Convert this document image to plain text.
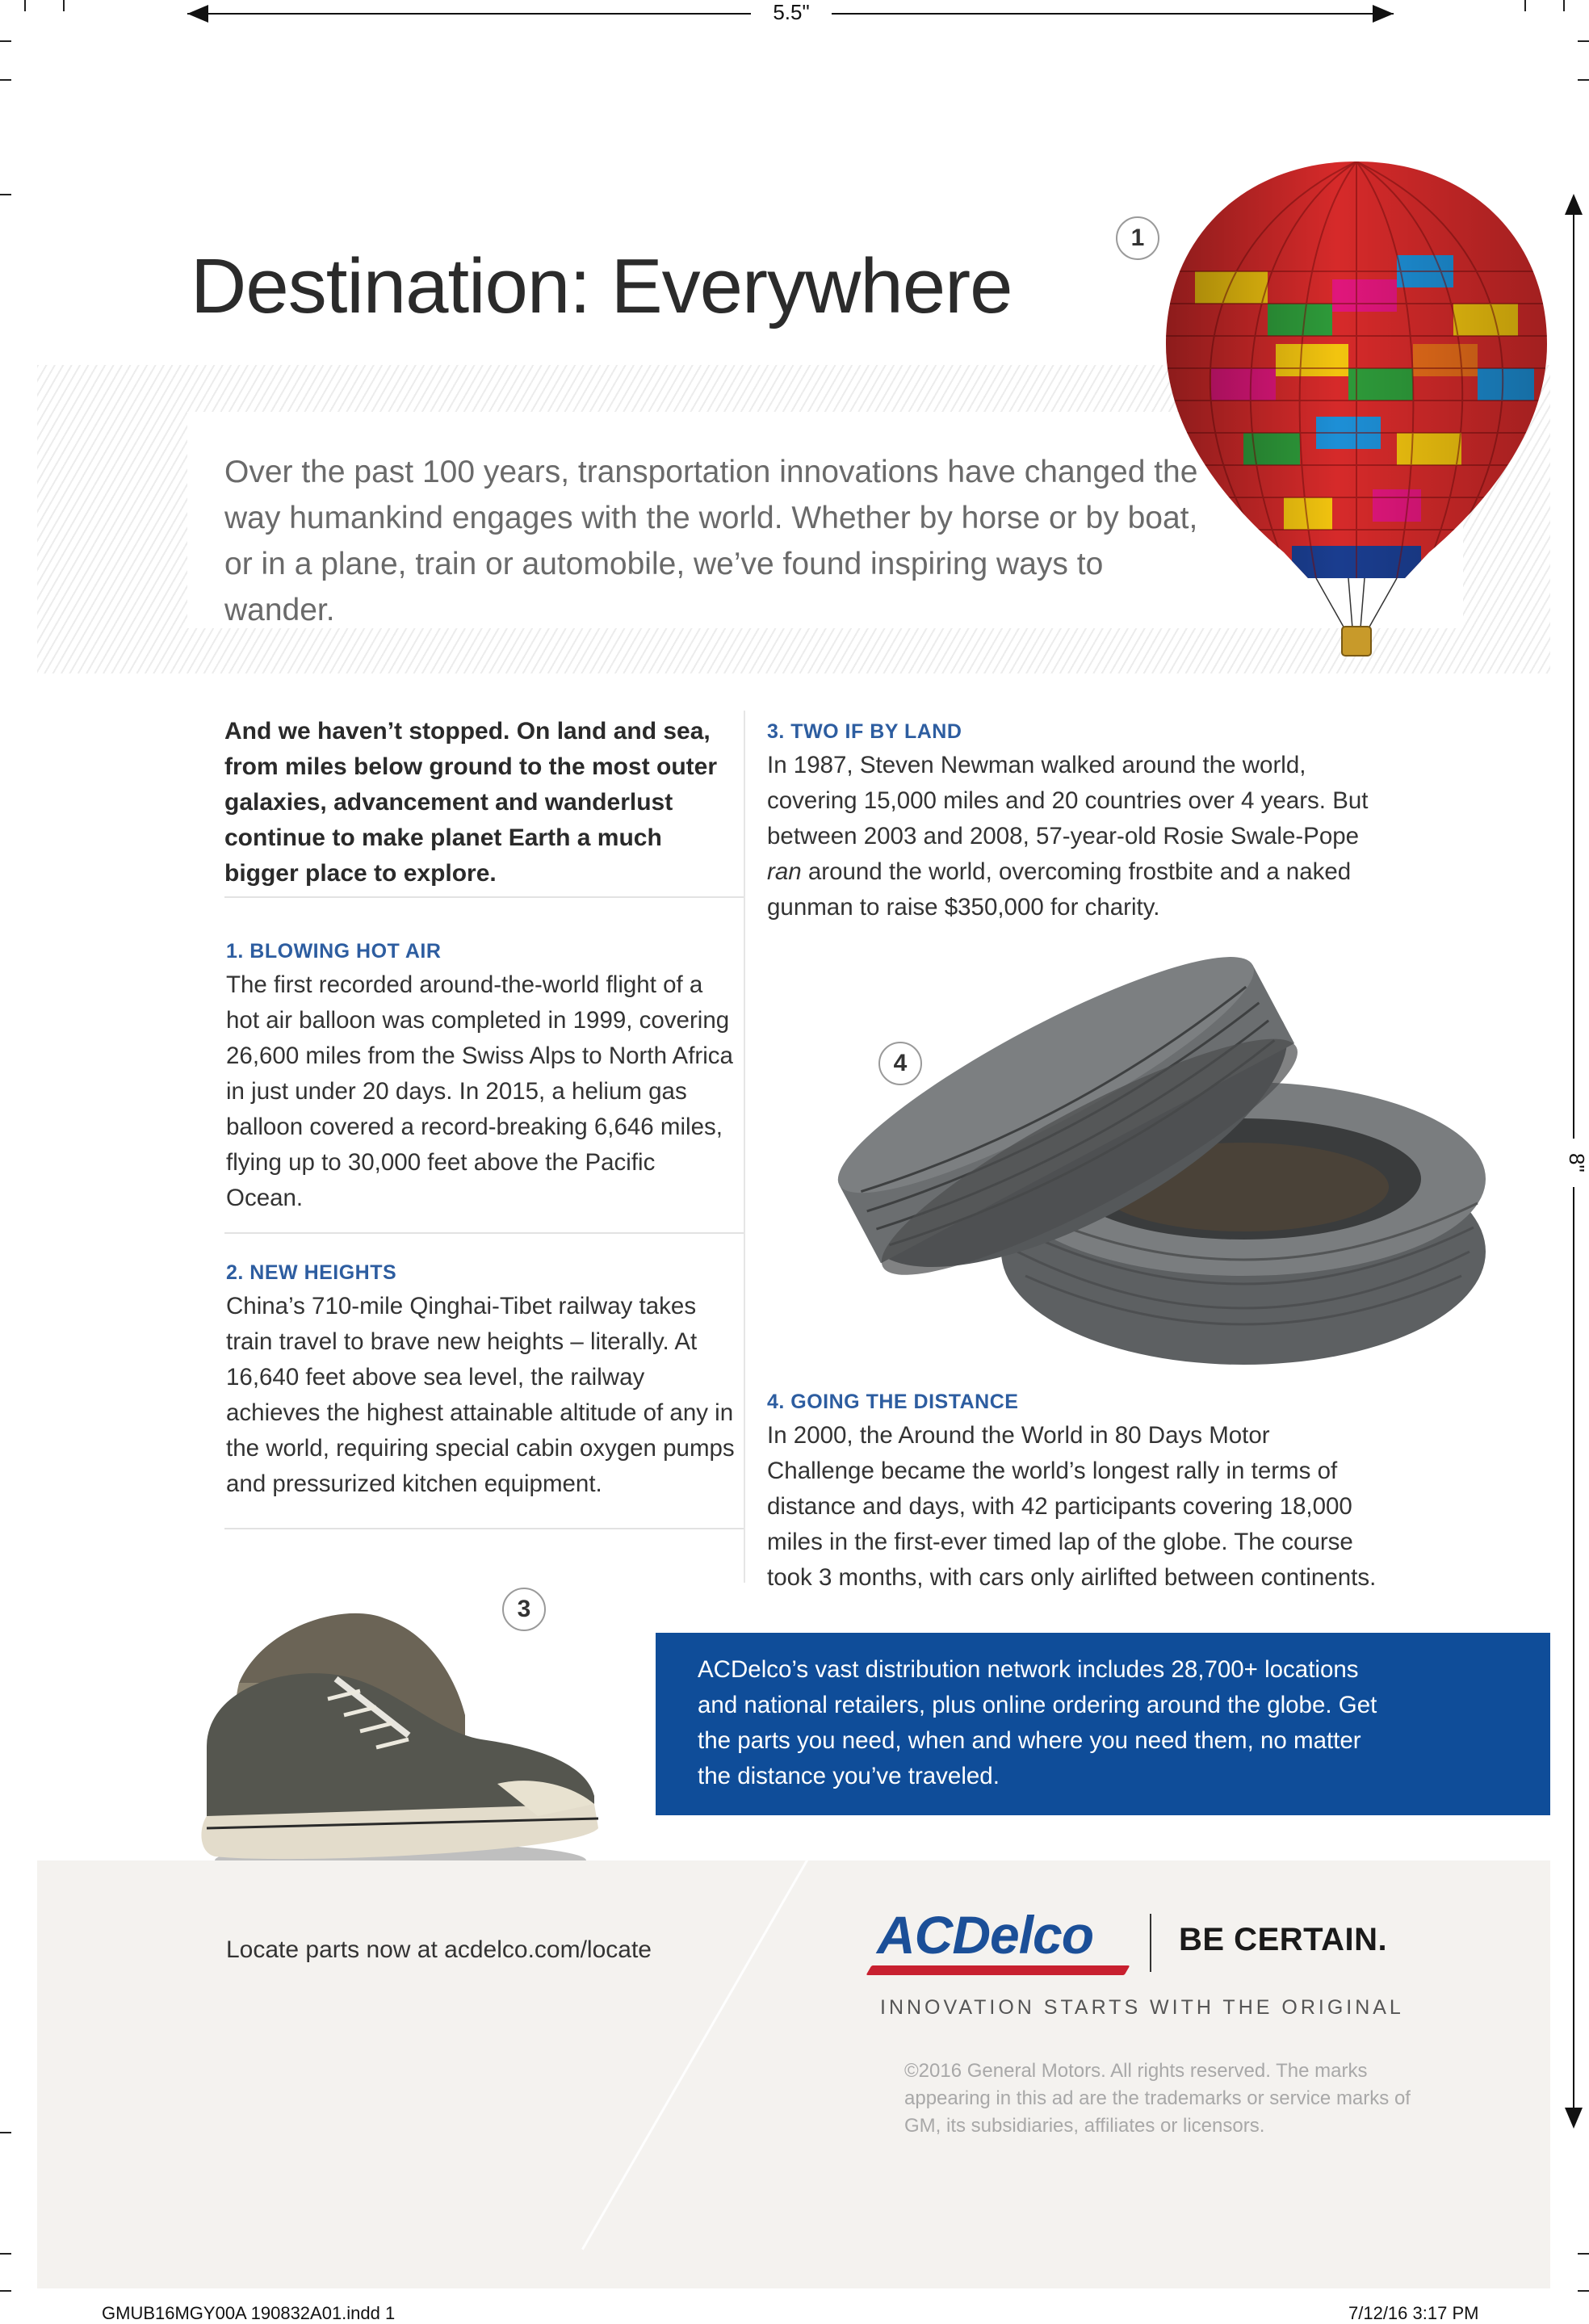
5.5"
8"
Destination: Everywhere
Over the past 100 years, transportation innovations have changed the way humankind engages with the world. Whether by horse or by boat, or in a plane, train or automobile, we’ve found inspiring ways to wander.
1
4
3
And we haven’t stopped. On land and sea, from miles below ground to the most outer galaxies, advancement and wanderlust continue to make planet Earth a much bigger place to explore.
1. BLOWING HOT AIR
The first recorded around-the-world flight of a hot air balloon was completed in 1999, covering 26,600 miles from the Swiss Alps to North Africa in just under 20 days. In 2015, a helium gas balloon covered a record-breaking 6,646 miles, flying up to 30,000 feet above the Pacific Ocean.
2. NEW HEIGHTS
China’s 710-mile Qinghai-Tibet railway takes train travel to brave new heights – literally. At 16,640 feet above sea level, the railway achieves the highest attainable altitude of any in the world, requiring special cabin oxygen pumps and pressurized kitchen equipment.
3. TWO IF BY LAND
In 1987, Steven Newman walked around the world, covering 15,000 miles and 20 countries over 4 years. But between 2003 and 2008, 57-year-old Rosie Swale-Pope ran around the world, overcoming frostbite and a naked gunman to raise $350,000 for charity.
4. GOING THE DISTANCE
In 2000, the Around the World in 80 Days Motor Challenge became the world’s longest rally in terms of distance and days, with 42 participants covering 18,000 miles in the first-ever timed lap of the globe. The course took 3 months, with cars only airlifted between continents.
ACDelco’s vast distribution network includes 28,700+ locations and national retailers, plus online ordering around the globe. Get the parts you need, when and where you need them, no matter the distance you’ve traveled.
Locate parts now at acdelco.com/locate	ACDelco	BE CERTAIN.
INNOVATION STARTS WITH THE ORIGINAL
©2016 General Motors. All rights reserved. The marks appearing in this ad are the trademarks or service marks of GM, its subsidiaries, affiliates or licensors.
GMUB16MGY00A 190832A01.indd 1	7/12/16 3:17 PM
